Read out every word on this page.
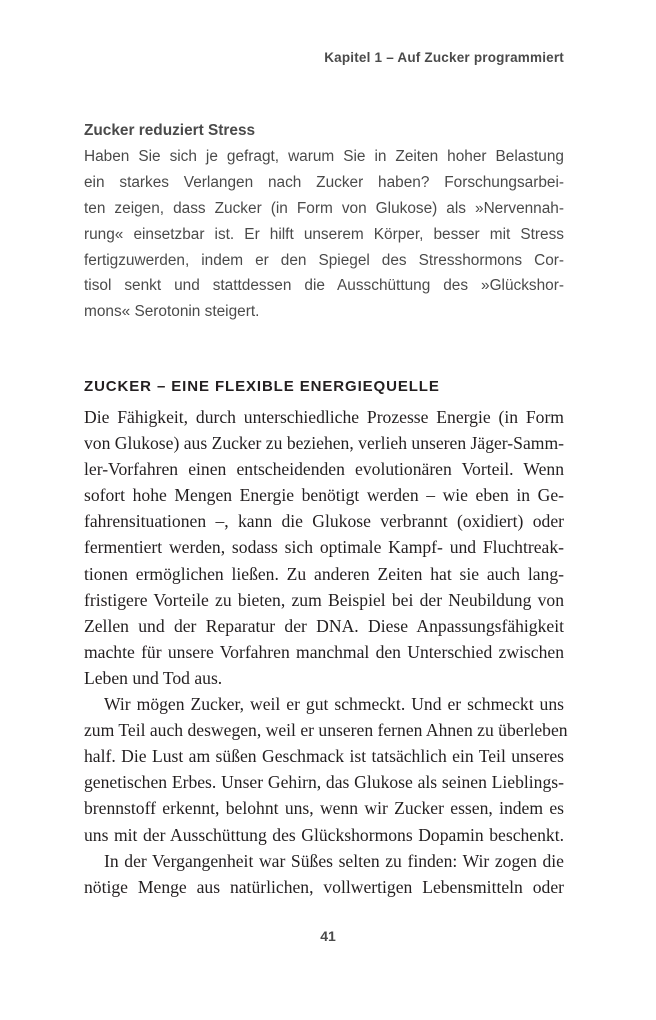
Kapitel 1 – Auf Zucker programmiert

Zucker reduziert Stress

Haben Sie sich je gefragt, warum Sie in Zeiten hoher Belastung
ein starkes Verlangen nach Zucker haben? Forschungsarbei-
ten zeigen, dass Zucker (in Form von Glukose) als »Nervennah-
rung« einsetzbar ist. Er hilft unserem Körper, besser mit Stress
fertigzuwerden, indem er den Spiegel des Stresshormons Cor-
tisol senkt und stattdessen die Ausschüttung des »Glückshor-
mons« Serotonin steigert.
ZUCKER – EINE FLEXIBLE ENERGIEQUELLE
Die Fähigkeit, durch unterschiedliche Prozesse Energie (in Form
von Glukose) aus Zucker zu beziehen, verlieh unseren Jäger-Samm-
ler-Vorfahren einen entscheidenden evolutionären Vorteil. Wenn
sofort hohe Mengen Energie benötigt werden – wie eben in Ge-
fahrensituationen –, kann die Glukose verbrannt (oxidiert) oder
fermentiert werden, sodass sich optimale Kampf- und Fluchtreak-
tionen ermöglichen ließen. Zu anderen Zeiten hat sie auch lang-
fristigere Vorteile zu bieten, zum Beispiel bei der Neubildung von
Zellen und der Reparatur der DNA. Diese Anpassungsfähigkeit
machte für unsere Vorfahren manchmal den Unterschied zwischen
Leben und Tod aus.
Wir mögen Zucker, weil er gut schmeckt. Und er schmeckt uns
zum Teil auch deswegen, weil er unseren fernen Ahnen zu überleben
half. Die Lust am süßen Geschmack ist tatsächlich ein Teil unseres
genetischen Erbes. Unser Gehirn, das Glukose als seinen Lieblings-
brennstoff erkennt, belohnt uns, wenn wir Zucker essen, indem es
uns mit der Ausschüttung des Glückshormons Dopamin beschenkt.
In der Vergangenheit war Süßes selten zu finden: Wir zogen die
nötige Menge aus natürlichen, vollwertigen Lebensmitteln oder
41
